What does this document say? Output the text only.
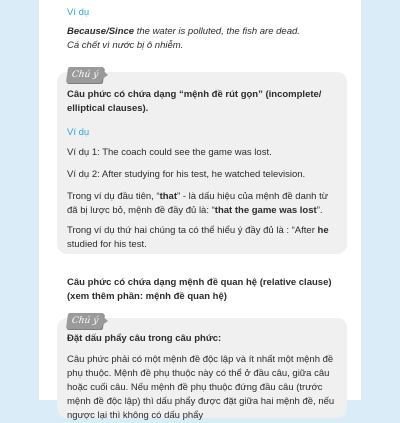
Ví dụ

Because/Since the water is polluted, the fish are dead.

Cá chết vì nước bị ô nhiễm.

Chú ý

Câu phức có chứa dạng “mệnh đề rút gọn” (incomplete/ elliptical clauses).

Ví dụ

Ví dụ 1: The coach could see the game was lost.

Ví dụ 2: After studying for his test, he watched television.

Trong ví dụ đầu tiên, “that” - là dấu hiệu của mệnh đề danh từ đã bị lược bỏ, mệnh đề đầy đủ là: “that the game was lost”.

Trong ví dụ thứ hai chúng ta có thể hiểu ý đầy đủ là : “After he studied for his test.

Câu phức có chứa dạng mệnh đề quan hệ (relative clause) (xem thêm phần: mệnh đề quan hệ)

Chú ý

Đặt dấu phẩy câu trong câu phức:

Câu phức phải có một mệnh đề độc lập và ít nhất một mệnh đề phụ thuộc. Mệnh đề phụ thuộc này có thể ở đầu câu, giữa câu hoặc cuối câu. Nếu mệnh đề phụ thuộc đứng đầu câu (trước mệnh đề độc lập) thì dấu phẩy được đặt giữa hai mệnh đề, nếu ngược lại thì không có dấu phẩy
